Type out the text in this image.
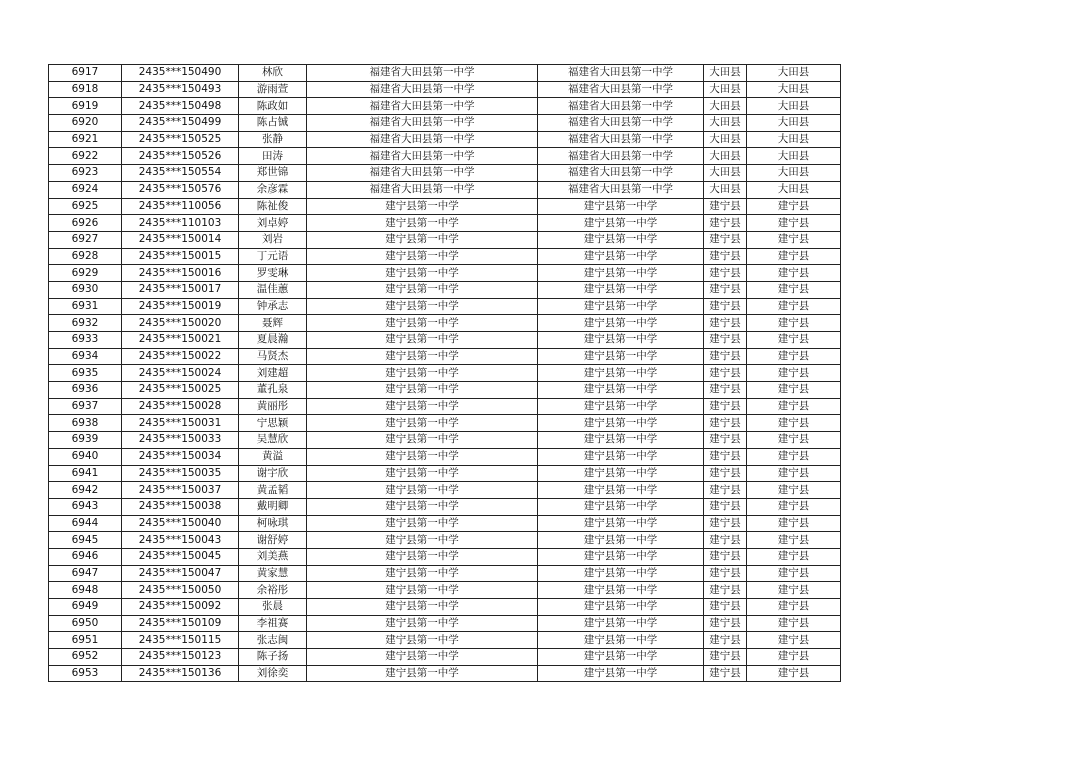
6917	2435***150490	林欣	福建省大田县第一中学	福建省大田县第一中学	大田县	大田县
6918	2435***150493	游雨萱	福建省大田县第一中学	福建省大田县第一中学	大田县	大田县
6919	2435***150498	陈政如	福建省大田县第一中学	福建省大田县第一中学	大田县	大田县
6920	2435***150499	陈占铖	福建省大田县第一中学	福建省大田县第一中学	大田县	大田县
6921	2435***150525	张静	福建省大田县第一中学	福建省大田县第一中学	大田县	大田县
6922	2435***150526	田涛	福建省大田县第一中学	福建省大田县第一中学	大田县	大田县
6923	2435***150554	郑世锦	福建省大田县第一中学	福建省大田县第一中学	大田县	大田县
6924	2435***150576	余彦霖	福建省大田县第一中学	福建省大田县第一中学	大田县	大田县
6925	2435***110056	陈祉俊	建宁县第一中学	建宁县第一中学	建宁县	建宁县
6926	2435***110103	刘卓婷	建宁县第一中学	建宁县第一中学	建宁县	建宁县
6927	2435***150014	刘岩	建宁县第一中学	建宁县第一中学	建宁县	建宁县
6928	2435***150015	丁元语	建宁县第一中学	建宁县第一中学	建宁县	建宁县
6929	2435***150016	罗雯琳	建宁县第一中学	建宁县第一中学	建宁县	建宁县
6930	2435***150017	温佳蕙	建宁县第一中学	建宁县第一中学	建宁县	建宁县
6931	2435***150019	钟承志	建宁县第一中学	建宁县第一中学	建宁县	建宁县
6932	2435***150020	聂辉	建宁县第一中学	建宁县第一中学	建宁县	建宁县
6933	2435***150021	夏晨瀚	建宁县第一中学	建宁县第一中学	建宁县	建宁县
6934	2435***150022	马贤杰	建宁县第一中学	建宁县第一中学	建宁县	建宁县
6935	2435***150024	刘建超	建宁县第一中学	建宁县第一中学	建宁县	建宁县
6936	2435***150025	董孔泉	建宁县第一中学	建宁县第一中学	建宁县	建宁县
6937	2435***150028	黄丽彤	建宁县第一中学	建宁县第一中学	建宁县	建宁县
6938	2435***150031	宁思颖	建宁县第一中学	建宁县第一中学	建宁县	建宁县
6939	2435***150033	吴慧欣	建宁县第一中学	建宁县第一中学	建宁县	建宁县
6940	2435***150034	黄溢	建宁县第一中学	建宁县第一中学	建宁县	建宁县
6941	2435***150035	谢宇欣	建宁县第一中学	建宁县第一中学	建宁县	建宁县
6942	2435***150037	黄孟韬	建宁县第一中学	建宁县第一中学	建宁县	建宁县
6943	2435***150038	戴明卿	建宁县第一中学	建宁县第一中学	建宁县	建宁县
6944	2435***150040	柯咏琪	建宁县第一中学	建宁县第一中学	建宁县	建宁县
6945	2435***150043	谢舒婷	建宁县第一中学	建宁县第一中学	建宁县	建宁县
6946	2435***150045	刘美燕	建宁县第一中学	建宁县第一中学	建宁县	建宁县
6947	2435***150047	黄家慧	建宁县第一中学	建宁县第一中学	建宁县	建宁县
6948	2435***150050	余裕彤	建宁县第一中学	建宁县第一中学	建宁县	建宁县
6949	2435***150092	张晨	建宁县第一中学	建宁县第一中学	建宁县	建宁县
6950	2435***150109	李祖赛	建宁县第一中学	建宁县第一中学	建宁县	建宁县
6951	2435***150115	张志闽	建宁县第一中学	建宁县第一中学	建宁县	建宁县
6952	2435***150123	陈子扬	建宁县第一中学	建宁县第一中学	建宁县	建宁县
6953	2435***150136	刘徐奕	建宁县第一中学	建宁县第一中学	建宁县	建宁县
